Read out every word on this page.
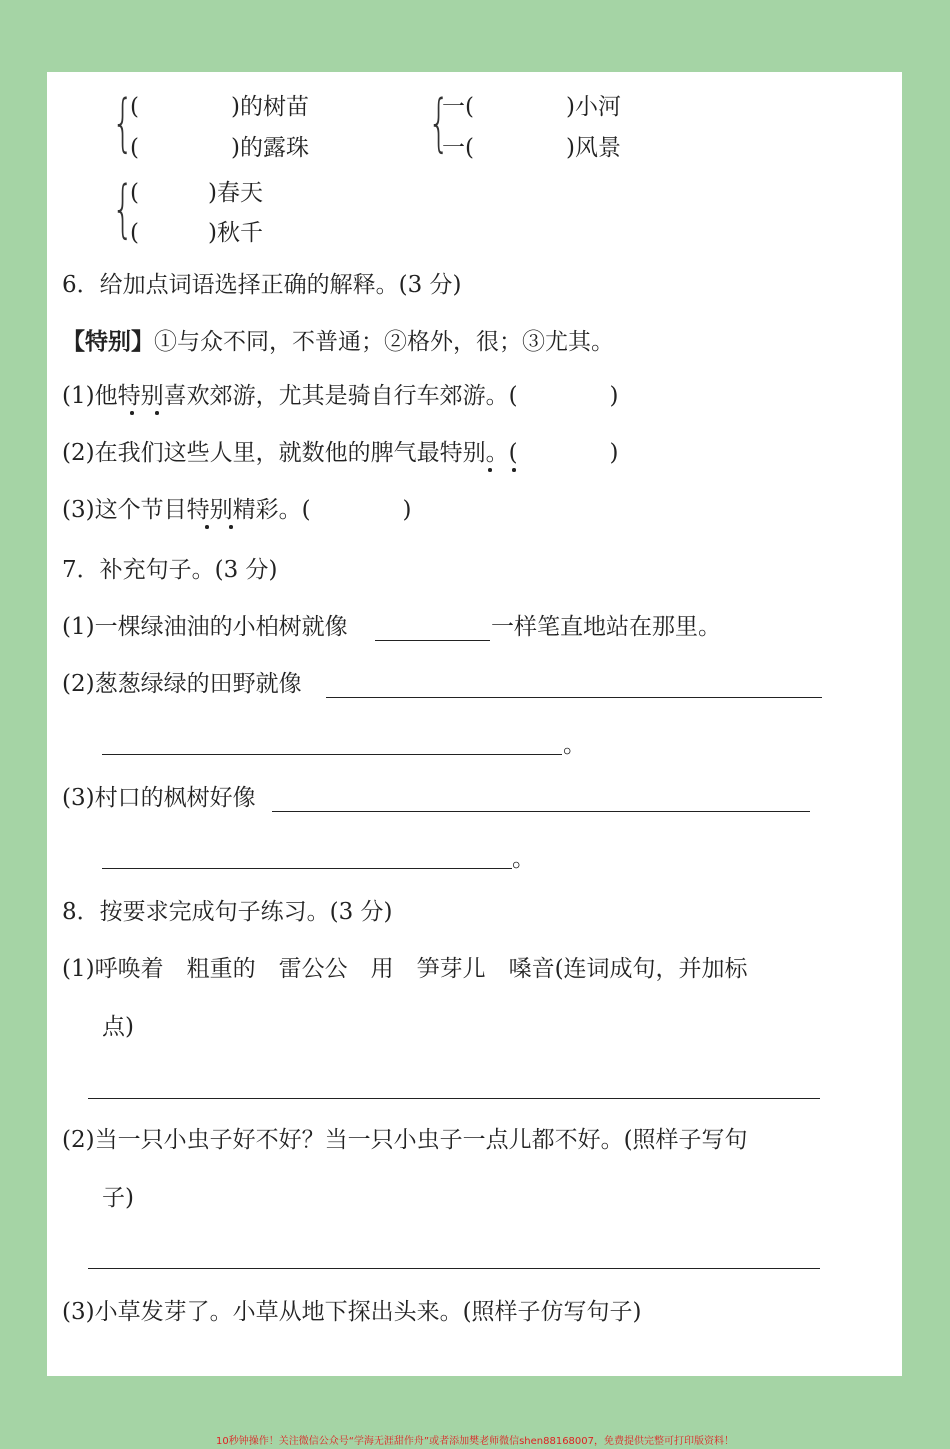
{
(　　　　)的树苗
(　　　　)的露珠 {
一(　　　　)小河
一(　　　　)风景
{
(　　　)春天
(　　　)秋千
6．给加点词语选择正确的解释。(3 分)
【特别】①与众不同，不普通；②格外，很；③尤其。
(1)他特别喜欢郊游，尤其是骑自行车郊游。(　　　　)
(2)在我们这些人里，就数他的脾气最特别。(　　　　)
(3)这个节目特别精彩。(　　　　)
7．补充句子。(3 分)
(1)一棵绿油油的小柏树就像	一样笔直地站在那里。
(2)葱葱绿绿的田野就像
。
(3)村口的枫树好像
。
8．按要求完成句子练习。(3 分)
(1)呼唤着　粗重的　雷公公　用　笋芽儿　嗓音(连词成句，并加标
点)
(2)当一只小虫子好不好？当一只小虫子一点儿都不好。(照样子写句
子)
(3)小草发芽了。小草从地下探出头来。(照样子仿写句子)
10秒钟操作！关注微信公众号“学海无涯甜作舟”或者添加樊老师微信shen88168007，免费提供完整可打印版资料！
